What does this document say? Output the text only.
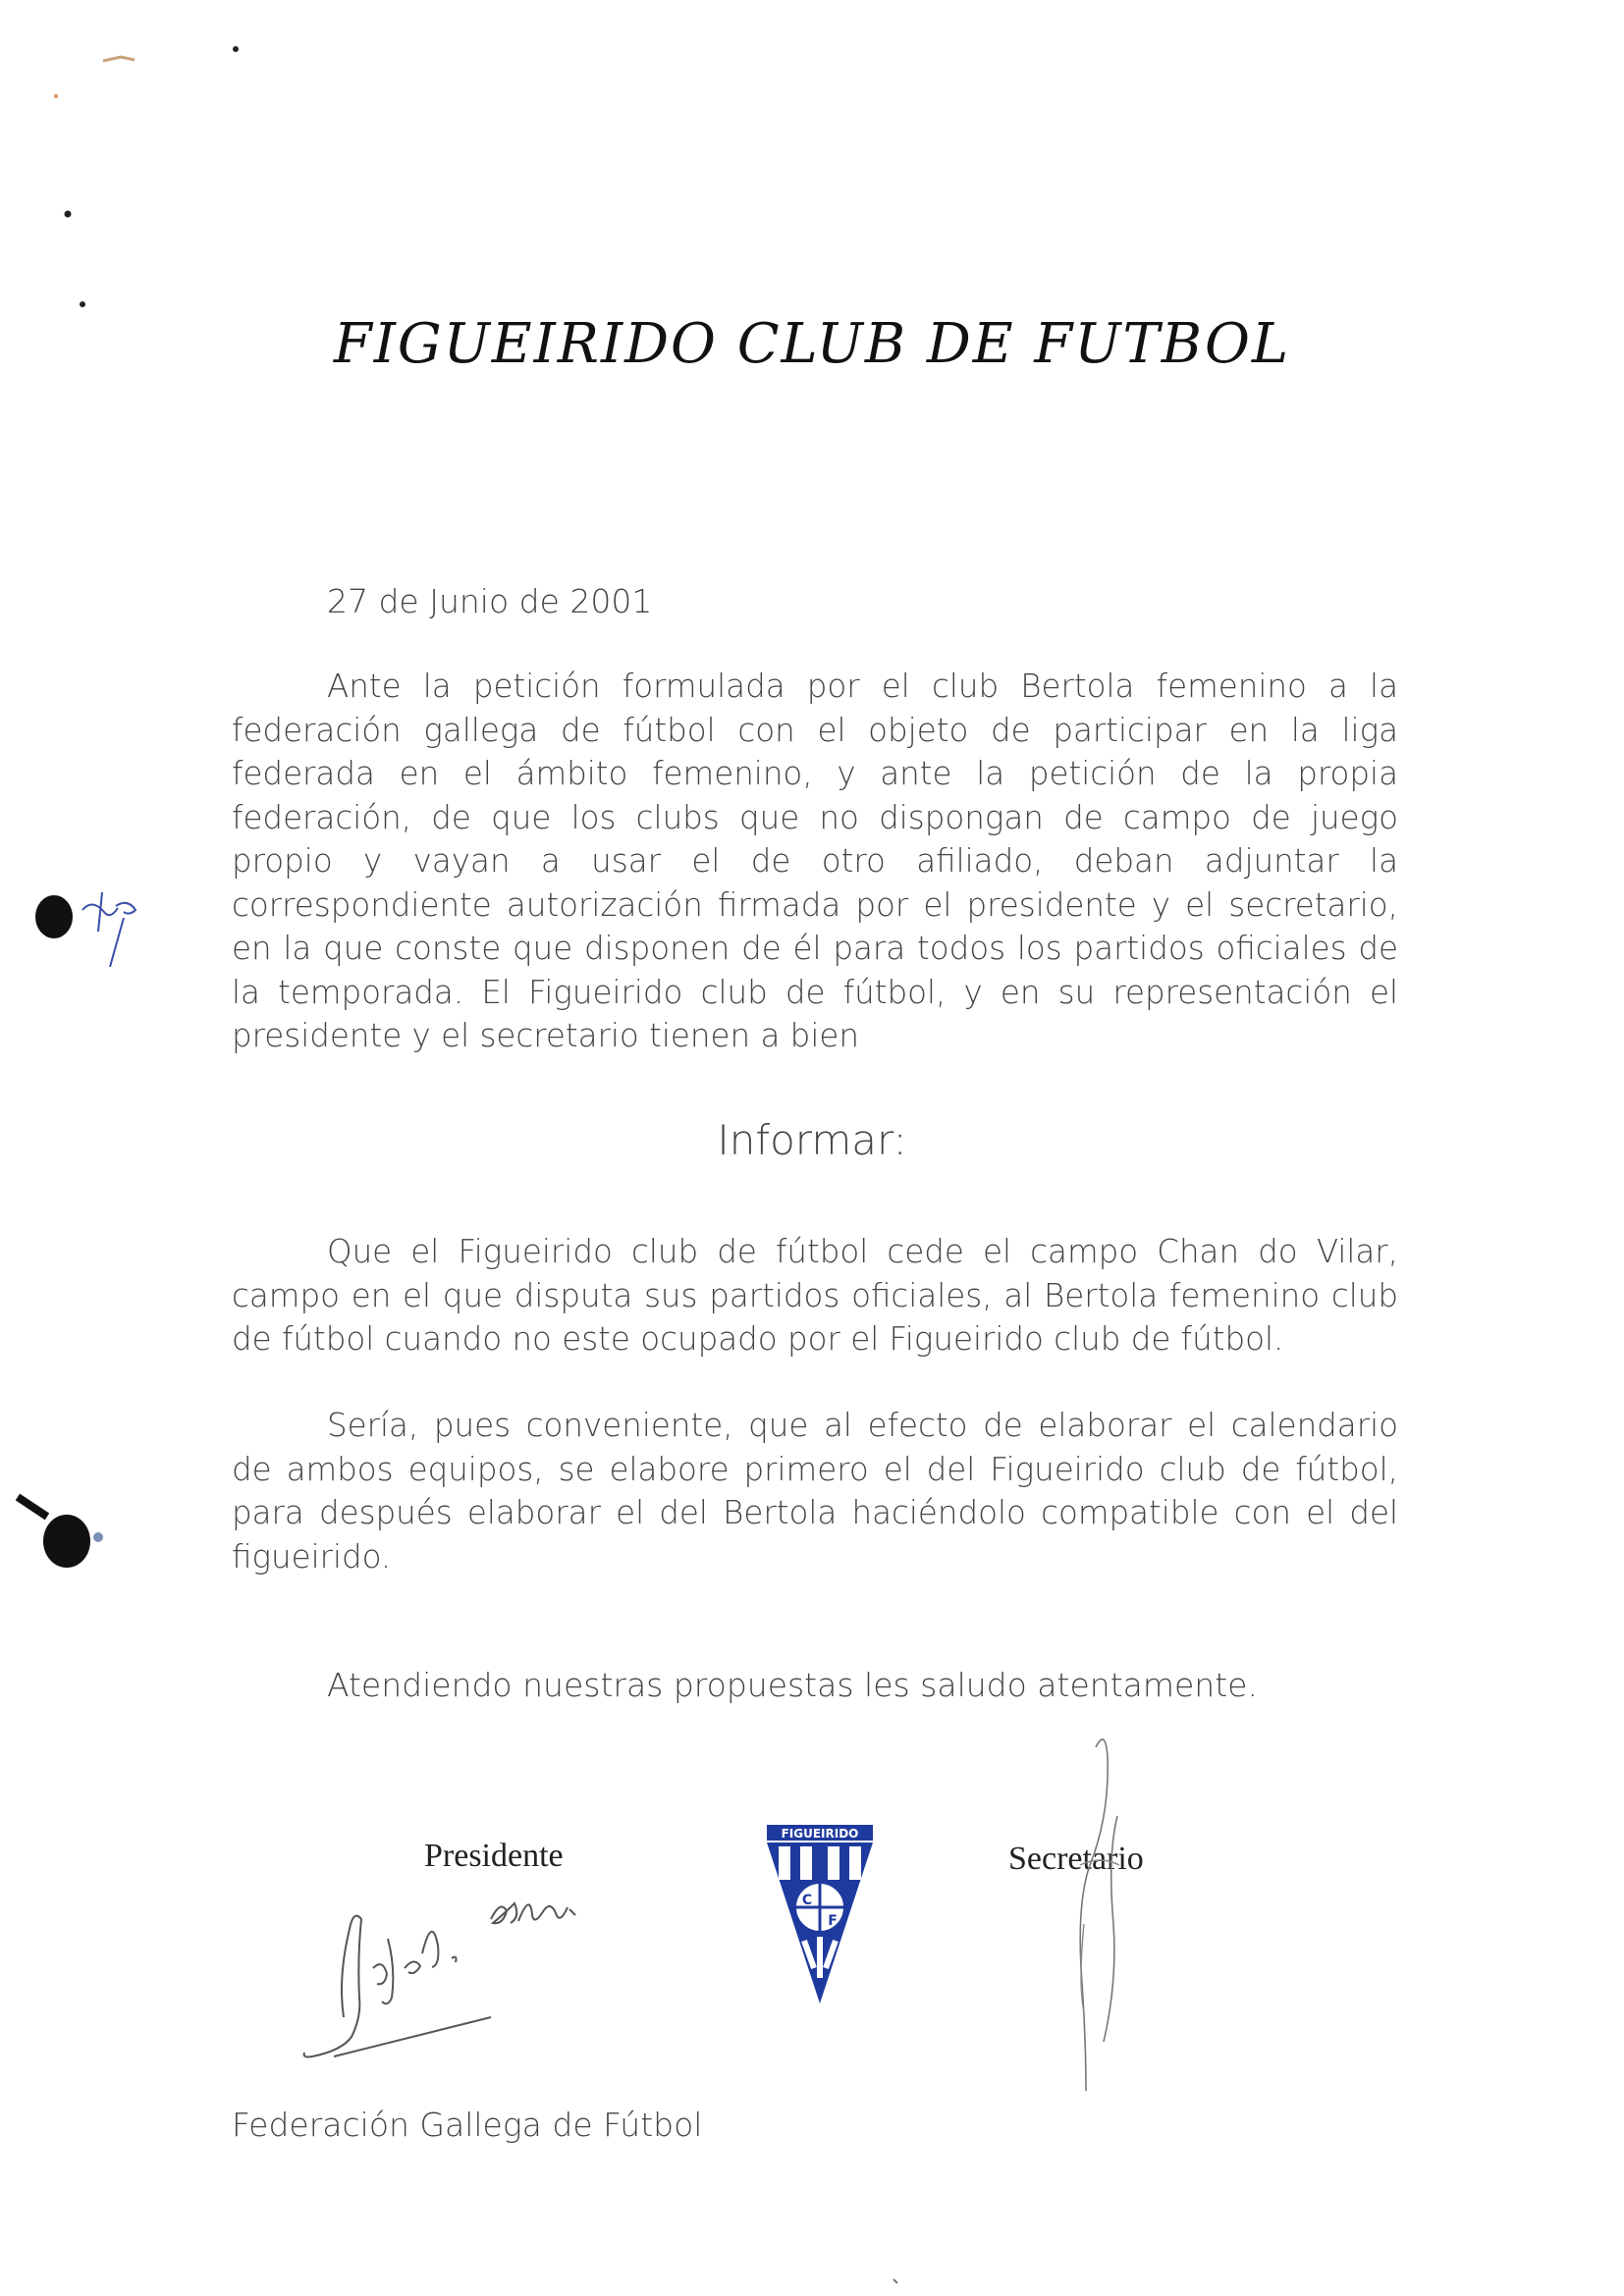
FIGUEIRIDO CLUB DE FUTBOL
27 de Junio de 2001
Ante la petición formulada por el club Bertola femenino a la federación gallega de fútbol con el objeto de participar en la liga federada en el ámbito femenino, y ante la petición de la propia federación, de que los clubs que no dispongan de campo de juego propio y vayan a usar el de otro afiliado, deban adjuntar la correspondiente autorización firmada por el presidente y el secretario, en la que conste que disponen de él para todos los partidos oficiales de la temporada. El Figueirido club de fútbol, y en su representación el presidente y el secretario tienen a bien
Informar:
Que el Figueirido club de fútbol cede el campo Chan do Vilar, campo en el que disputa sus partidos oficiales, al Bertola femenino club de fútbol cuando no este ocupado por el Figueirido club de fútbol.
Sería, pues conveniente, que al efecto de elaborar el calendario de ambos equipos, se elabore primero el del Figueirido club de fútbol, para después elaborar el del Bertola haciéndolo compatible con el del figueirido.
Atendiendo nuestras propuestas les saludo atentamente.
Presidente
FIGUEIRIDO
C
F
Secretario
Federación Gallega de Fútbol
